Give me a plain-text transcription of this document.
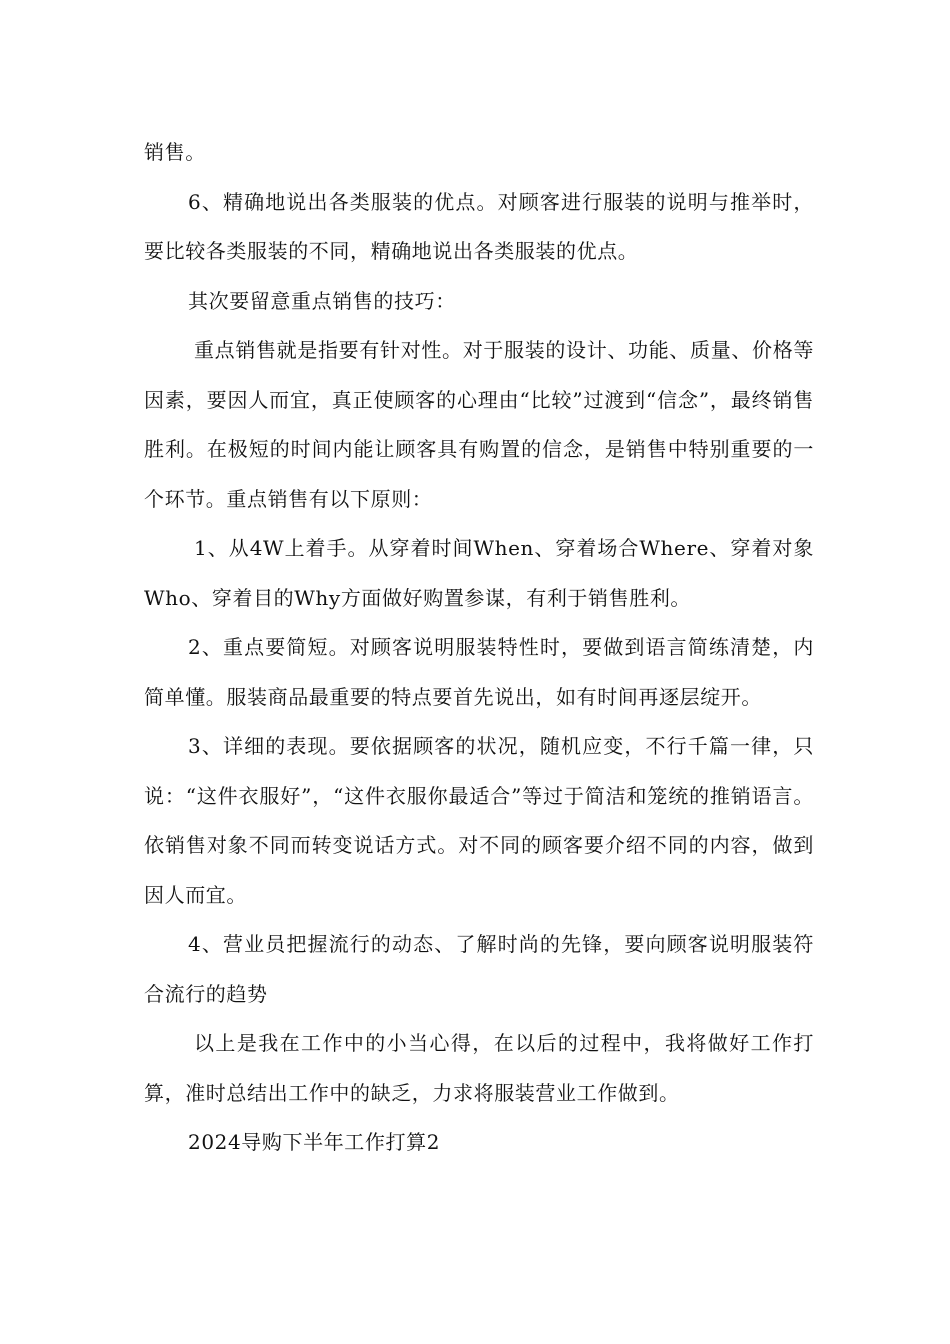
销售。

6、精确地说出各类服装的优点。对顾客进行服装的说明与推举时，要比较各类服装的不同，精确地说出各类服装的优点。

其次要留意重点销售的技巧：

重点销售就是指要有针对性。对于服装的设计、功能、质量、价格等因素，要因人而宜，真正使顾客的心理由“比较”过渡到“信念”，最终销售胜利。在极短的时间内能让顾客具有购置的信念，是销售中特别重要的一个环节。重点销售有以下原则：

1、从4W上着手。从穿着时间When、穿着场合Where、穿着对象Who、穿着目的Why方面做好购置参谋，有利于销售胜利。

2、重点要简短。对顾客说明服装特性时，要做到语言简练清楚，内简单懂。服装商品最重要的特点要首先说出，如有时间再逐层绽开。

3、详细的表现。要依据顾客的状况，随机应变，不行千篇一律，只说：“这件衣服好”，“这件衣服你最适合”等过于简洁和笼统的推销语言。依销售对象不同而转变说话方式。对不同的顾客要介绍不同的内容，做到因人而宜。

4、营业员把握流行的动态、了解时尚的先锋，要向顾客说明服装符合流行的趋势

以上是我在工作中的小当心得，在以后的过程中，我将做好工作打算，准时总结出工作中的缺乏，力求将服装营业工作做到。

2024导购下半年工作打算2
